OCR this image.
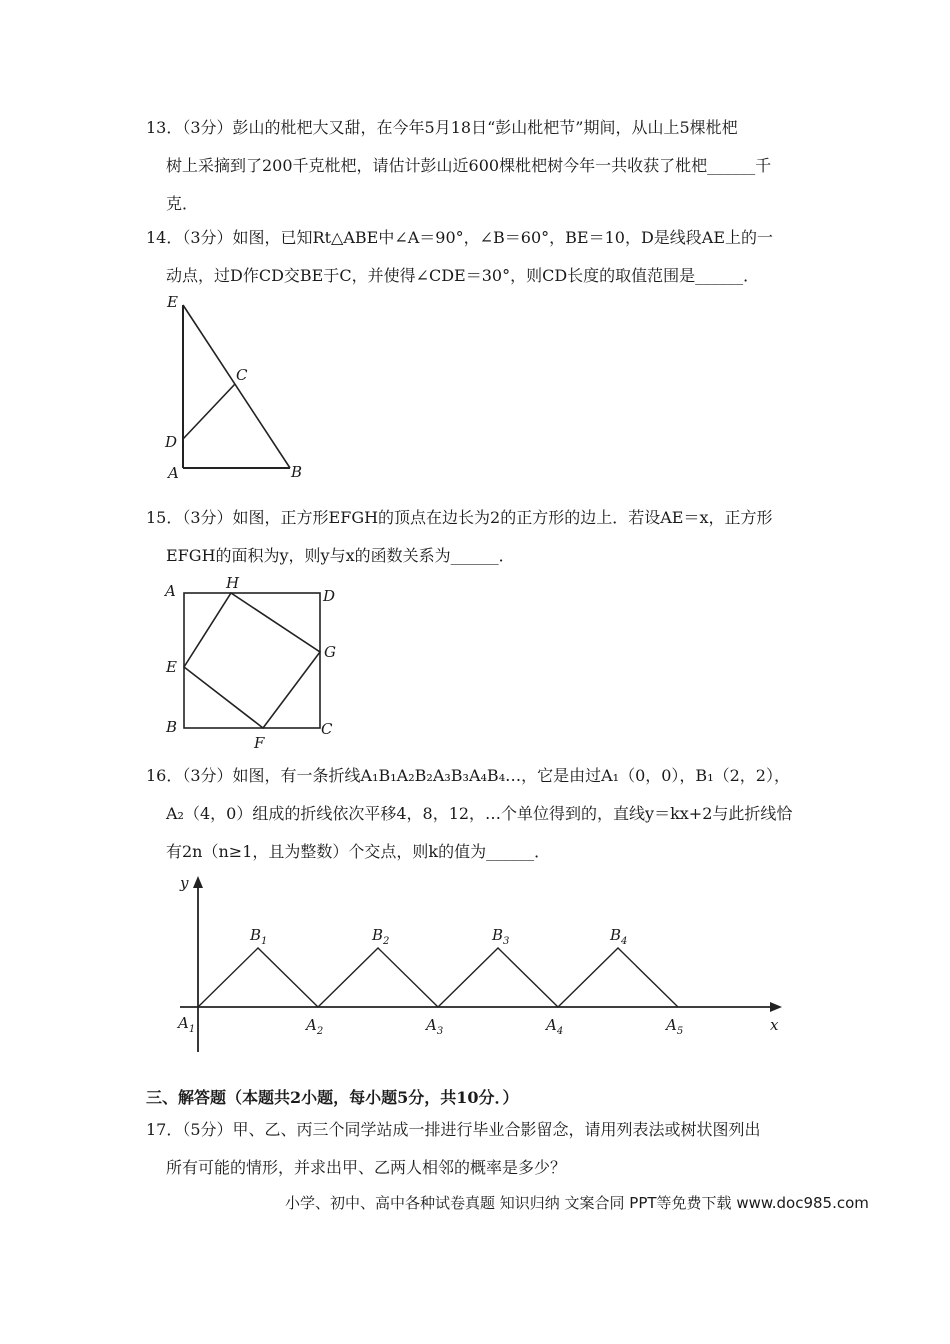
13．（3分）彭山的枇杷大又甜，在今年5月18日“彭山枇杷节”期间，从山上5棵枇杷
树上采摘到了200千克枇杷，请估计彭山近600棵枇杷树今年一共收获了枇杷______千
克．
14．（3分）如图，已知Rt△ABE中∠A＝90°，∠B＝60°，BE＝10，D是线段AE上的一
动点，过D作CD交BE于C，并使得∠CDE＝30°，则CD长度的取值范围是______．
E
C
D
A	B
15．（3分）如图，正方形EFGH的顶点在边长为2的正方形的边上．若设AE＝x，正方形
EFGH的面积为y，则y与x的函数关系为______．
A	H
D
E
G
B
F
C
16．（3分）如图，有一条折线A₁B₁A₂B₂A₃B₃A₄B₄…，它是由过A₁（0，0），B₁（2，2），
A₂（4，0）组成的折线依次平移4，8，12，…个单位得到的，直线y＝kx+2与此折线恰
有2n（n≥1，且为整数）个交点，则k的值为______．
y
x
$B_1$	$B_2$	$B_3$	$B_4$
$A_1$	$A_2$	$A_3$	$A_4$	$A_5$
三、解答题（本题共2小题，每小题5分，共10分．）
17．（5分）甲、乙、丙三个同学站成一排进行毕业合影留念，请用列表法或树状图列出
所有可能的情形，并求出甲、乙两人相邻的概率是多少？
小学、初中、高中各种试卷真题 知识归纳 文案合同 PPT等免费下载 www.doc985.com
